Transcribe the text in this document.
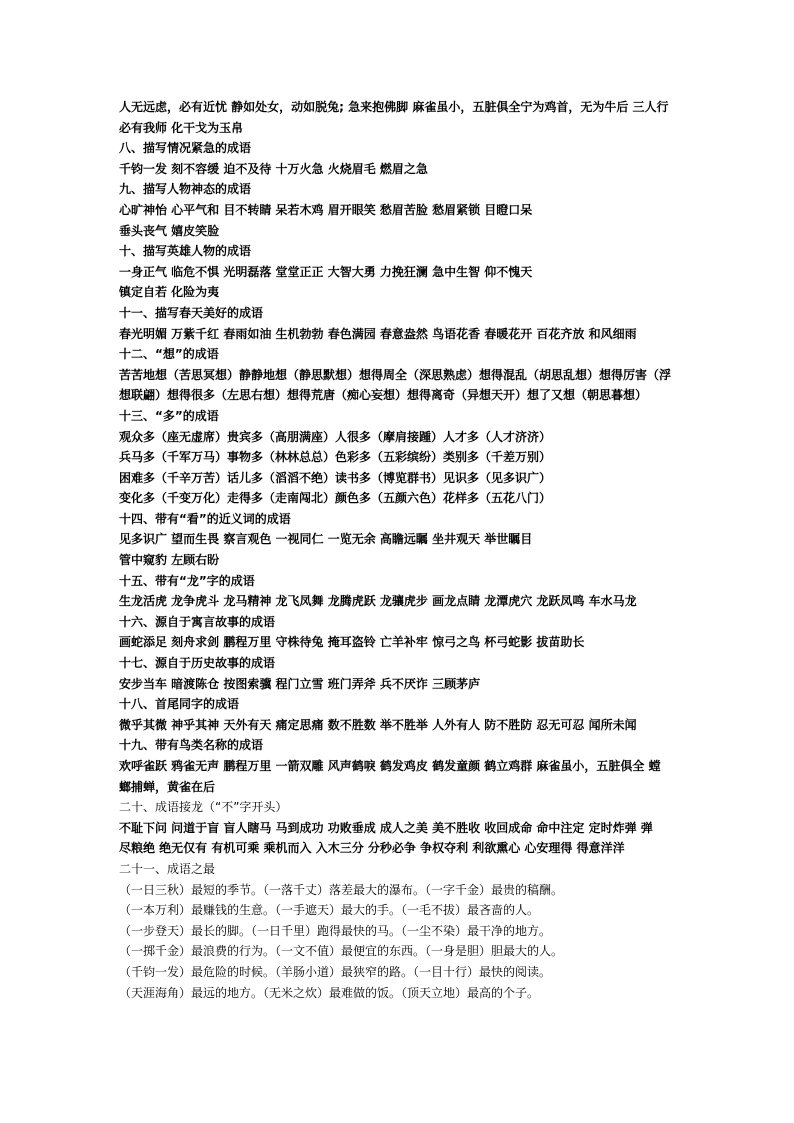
人无远虑，必有近忧 静如处女，动如脱兔; 急来抱佛脚 麻雀虽小，五脏俱全宁为鸡首，无为牛后 三人行
必有我师 化干戈为玉帛
八、描写情况紧急的成语
千钧一发 刻不容缓 迫不及待 十万火急 火烧眉毛 燃眉之急
九、描写人物神态的成语
心旷神怡 心平气和 目不转睛 呆若木鸡 眉开眼笑 愁眉苦脸 愁眉紧锁 目瞪口呆
垂头丧气 嬉皮笑脸
十、描写英雄人物的成语
一身正气 临危不惧 光明磊落 堂堂正正 大智大勇 力挽狂澜 急中生智 仰不愧天
镇定自若 化险为夷
十一、描写春天美好的成语
春光明媚 万紫千红 春雨如油 生机勃勃 春色满园 春意盎然 鸟语花香 春暖花开 百花齐放 和风细雨
十二、“想”的成语
苦苦地想（苦思冥想）静静地想（静思默想）想得周全（深思熟虑）想得混乱（胡思乱想）想得厉害（浮
想联翩）想得很多（左思右想）想得荒唐（痴心妄想）想得离奇（异想天开）想了又想（朝思暮想）
十三、“多”的成语
观众多（座无虚席）贵宾多（高朋满座）人很多（摩肩接踵）人才多（人才济济）
兵马多（千军万马）事物多（林林总总）色彩多（五彩缤纷）类别多（千差万别）
困难多（千辛万苦）话儿多（滔滔不绝）读书多（博览群书）见识多（见多识广）
变化多（千变万化）走得多（走南闯北）颜色多（五颜六色）花样多（五花八门）
十四、带有“看”的近义词的成语
见多识广 望而生畏 察言观色 一视同仁 一览无余 高瞻远瞩 坐井观天 举世瞩目
管中窥豹 左顾右盼
十五、带有“龙”字的成语
生龙活虎 龙争虎斗 龙马精神 龙飞凤舞 龙腾虎跃 龙骧虎步 画龙点睛 龙潭虎穴 龙跃凤鸣 车水马龙
十六、源自于寓言故事的成语
画蛇添足 刻舟求剑 鹏程万里 守株待兔 掩耳盗铃 亡羊补牢 惊弓之鸟 杯弓蛇影 拔苗助长
十七、源自于历史故事的成语
安步当车 暗渡陈仓 按图索骥 程门立雪 班门弄斧 兵不厌诈 三顾茅庐
十八、首尾同字的成语
微乎其微 神乎其神 天外有天 痛定思痛 数不胜数 举不胜举 人外有人 防不胜防 忍无可忍 闻所未闻
十九、带有鸟类名称的成语
欢呼雀跃 鸦雀无声 鹏程万里 一箭双雕 风声鹤唳 鹤发鸡皮 鹤发童颜 鹤立鸡群 麻雀虽小，五脏俱全 螳
螂捕蝉，黄雀在后
二十、成语接龙（“不”字开头）
不耻下问 问道于盲 盲人瞎马 马到成功 功败垂成 成人之美 美不胜收 收回成命 命中注定 定时炸弹 弹
尽粮绝 绝无仅有 有机可乘 乘机而入 入木三分 分秒必争 争权夺利 利欲熏心 心安理得 得意洋洋
二十一、成语之最
（一日三秋）最短的季节。（一落千丈）落差最大的瀑布。（一字千金）最贵的稿酬。
（一本万利）最赚钱的生意。（一手遮天）最大的手。（一毛不拔）最吝啬的人。
（一步登天）最长的脚。（一日千里）跑得最快的马。（一尘不染）最干净的地方。
（一掷千金）最浪费的行为。（一文不值）最便宜的东西。（一身是胆）胆最大的人。
（千钧一发）最危险的时候。（羊肠小道）最狭窄的路。（一目十行）最快的阅读。
（天涯海角）最远的地方。（无米之炊）最难做的饭。（顶天立地）最高的个子。
